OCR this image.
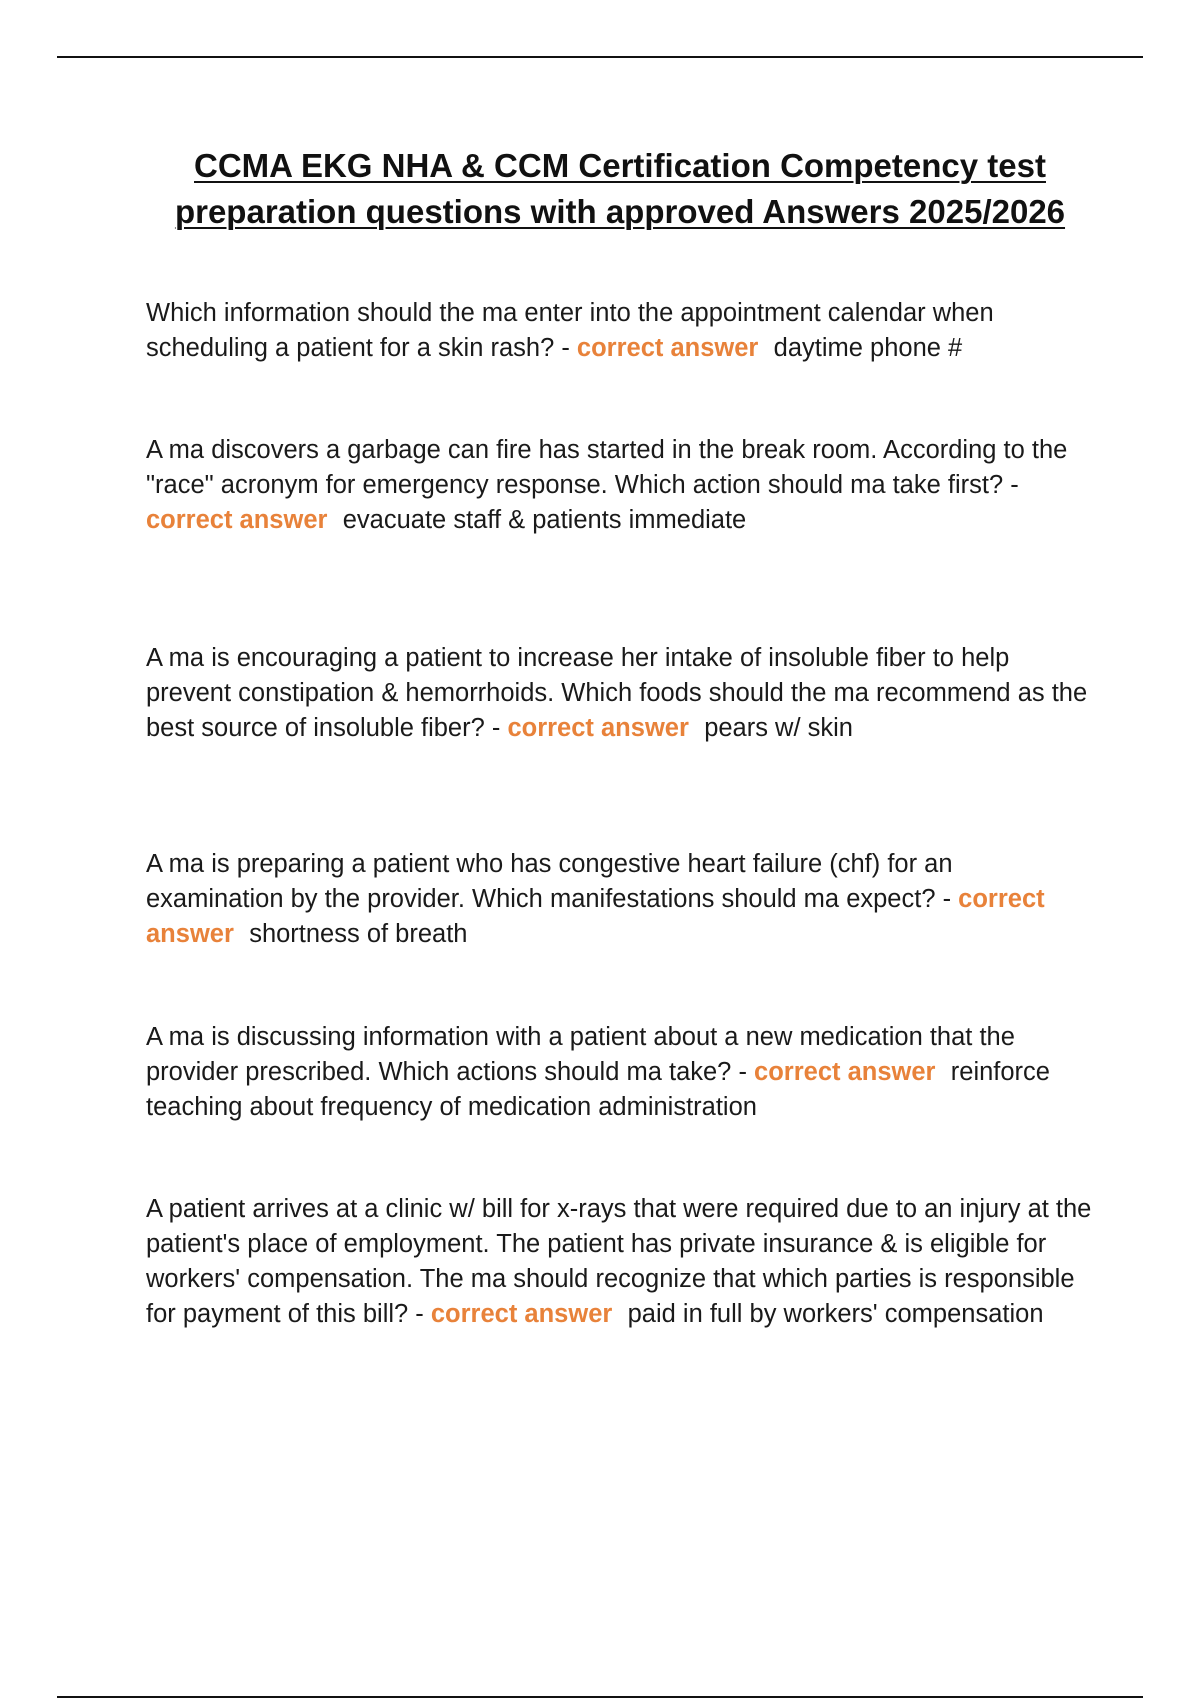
CCMA EKG NHA & CCM Certification Competency test preparation questions with approved Answers 2025/2026

Which information should the ma enter into the appointment calendar when scheduling a patient for a skin rash? - correct answer daytime phone #

A ma discovers a garbage can fire has started in the break room. According to the "race" acronym for emergency response. Which action should ma take first? - correct answer evacuate staff & patients immediate

A ma is encouraging a patient to increase her intake of insoluble fiber to help prevent constipation & hemorrhoids. Which foods should the ma recommend as the best source of insoluble fiber? - correct answer pears w/ skin

A ma is preparing a patient who has congestive heart failure (chf) for an examination by the provider. Which manifestations should ma expect? - correct answer shortness of breath

A ma is discussing information with a patient about a new medication that the provider prescribed. Which actions should ma take? - correct answer reinforce teaching about frequency of medication administration

A patient arrives at a clinic w/ bill for x-rays that were required due to an injury at the patient's place of employment. The patient has private insurance & is eligible for workers' compensation. The ma should recognize that which parties is responsible for payment of this bill? - correct answer paid in full by workers' compensation
